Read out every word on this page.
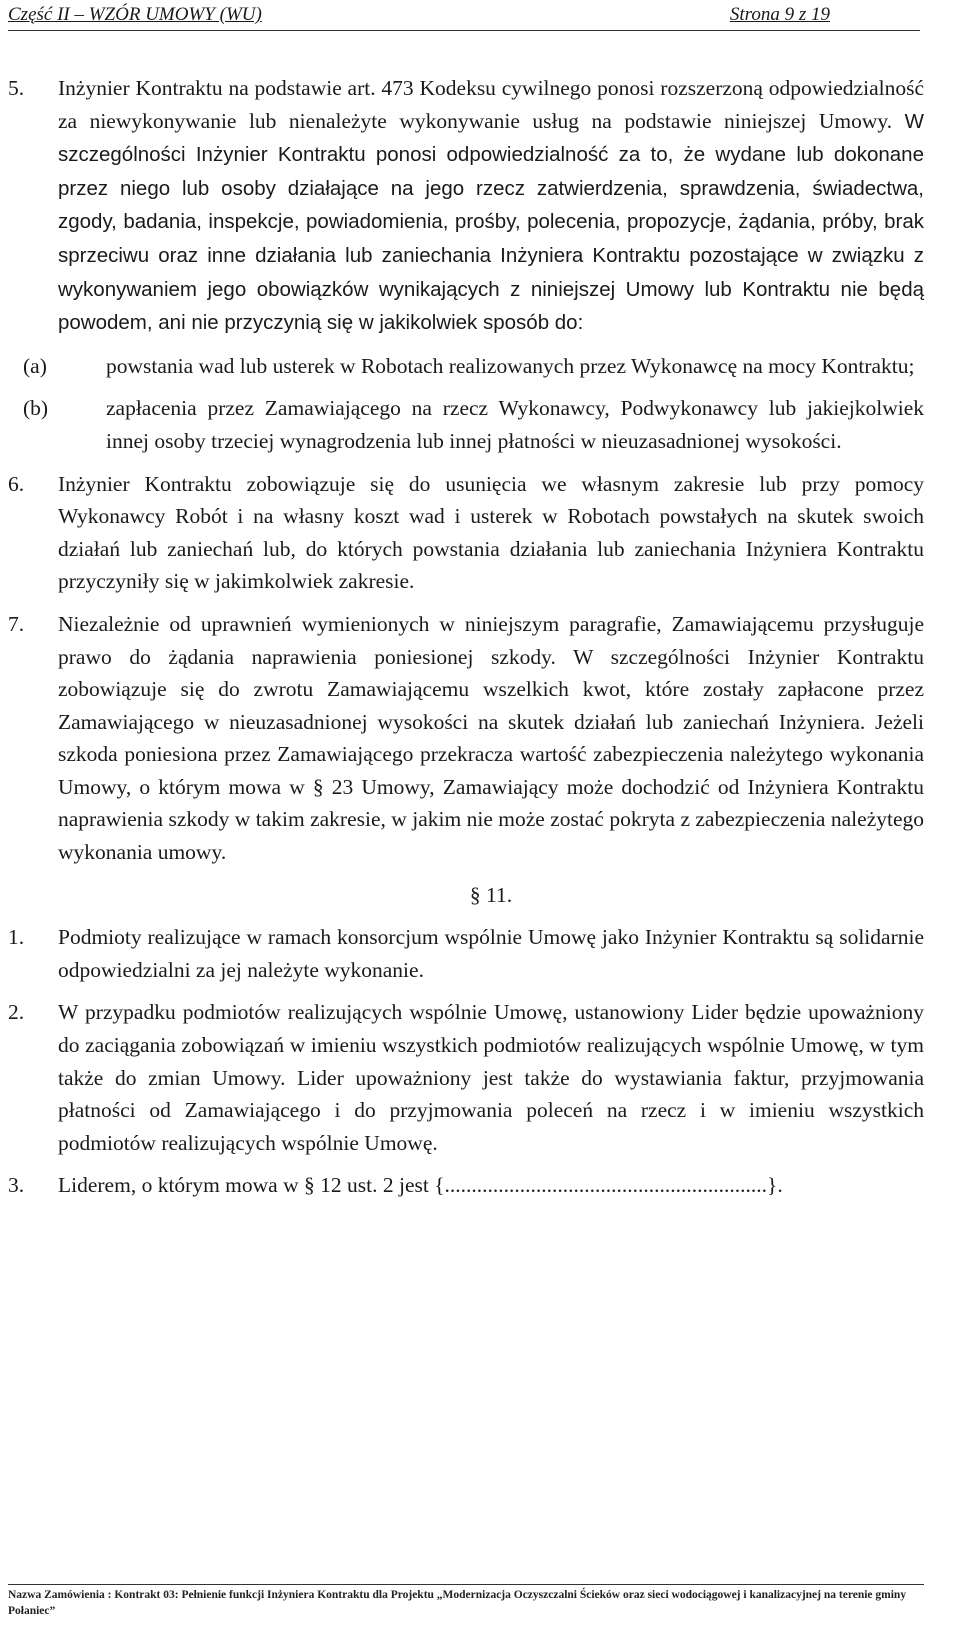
Część II – WZÓR UMOWY (WU)	Strona 9 z 19

5. Inżynier Kontraktu na podstawie art. 473 Kodeksu cywilnego ponosi rozszerzoną odpowiedzialność za niewykonywanie lub nienależyte wykonywanie usług na podstawie niniejszej Umowy. W szczególności Inżynier Kontraktu ponosi odpowiedzialność za to, że wydane lub dokonane przez niego lub osoby działające na jego rzecz zatwierdzenia, sprawdzenia, świadectwa, zgody, badania, inspekcje, powiadomienia, prośby, polecenia, propozycje, żądania, próby, brak sprzeciwu oraz inne działania lub zaniechania Inżyniera Kontraktu pozostające w związku z wykonywaniem jego obowiązków wynikających z niniejszej Umowy lub Kontraktu nie będą powodem, ani nie przyczynią się w jakikolwiek sposób do:

(a)	powstania wad lub usterek w Robotach realizowanych przez Wykonawcę na mocy Kontraktu;

(b)	zapłacenia przez Zamawiającego na rzecz Wykonawcy, Podwykonawcy lub jakiejkolwiek innej osoby trzeciej wynagrodzenia lub innej płatności w nieuzasadnionej wysokości.

6. Inżynier Kontraktu zobowiązuje się do usunięcia we własnym zakresie lub przy pomocy Wykonawcy Robót i na własny koszt wad i usterek w Robotach powstałych na skutek swoich działań lub zaniechań lub, do których powstania działania lub zaniechania Inżyniera Kontraktu przyczyniły się w jakimkolwiek zakresie.

7. Niezależnie od uprawnień wymienionych w niniejszym paragrafie, Zamawiającemu przysługuje prawo do żądania naprawienia poniesionej szkody. W szczególności Inżynier Kontraktu zobowiązuje się do zwrotu Zamawiającemu wszelkich kwot, które zostały zapłacone przez Zamawiającego w nieuzasadnionej wysokości na skutek działań lub zaniechań Inżyniera. Jeżeli szkoda poniesiona przez Zamawiającego przekracza wartość zabezpieczenia należytego wykonania Umowy, o którym mowa w § 23 Umowy, Zamawiający może dochodzić od Inżyniera Kontraktu naprawienia szkody w takim zakresie, w jakim nie może zostać pokryta z zabezpieczenia należytego wykonania umowy.

§ 11.

1. Podmioty realizujące w ramach konsorcjum wspólnie Umowę jako Inżynier Kontraktu są solidarnie odpowiedzialni za jej należyte wykonanie.

2. W przypadku podmiotów realizujących wspólnie Umowę, ustanowiony Lider będzie upoważniony do zaciągania zobowiązań w imieniu wszystkich podmiotów realizujących wspólnie Umowę, w tym także do zmian Umowy. Lider upoważniony jest także do wystawiania faktur, przyjmowania płatności od Zamawiającego i do przyjmowania poleceń na rzecz i w imieniu wszystkich podmiotów realizujących wspólnie Umowę.

3. Liderem, o którym mowa w § 12 ust. 2 jest {............................................................}.

Nazwa Zamówienia : Kontrakt 03: Pełnienie funkcji Inżyniera Kontraktu dla Projektu „Modernizacja Oczyszczalni Ścieków oraz sieci wodociągowej i kanalizacyjnej na terenie gminy Połaniec”
